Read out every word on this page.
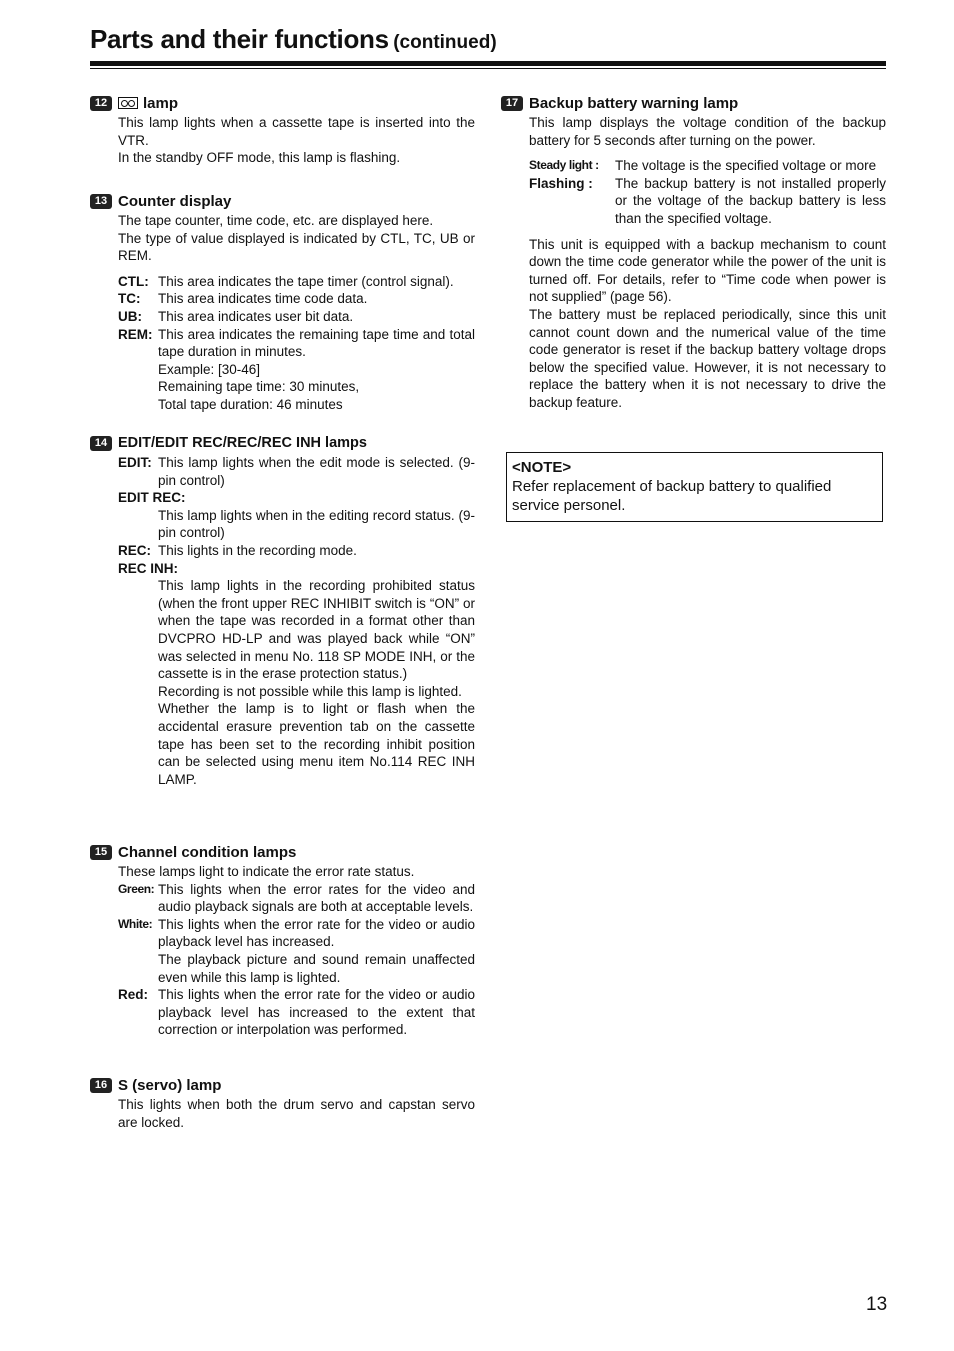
Parts and their functions (continued)
12	lamp
This lamp lights when a cassette tape is inserted into the VTR.
In the standby OFF mode, this lamp is flashing.
13 Counter display
The tape counter, time code, etc. are displayed here.
The type of value displayed is indicated by CTL, TC, UB or REM.
CTL: This area indicates the tape timer (control signal).
TC:	This area indicates time code data.
UB:	This area indicates user bit data.
REM: This area indicates the remaining tape time and total tape duration in minutes.
Example: [30-46]
Remaining tape time: 30 minutes,
Total tape duration: 46 minutes
14 EDIT/EDIT REC/REC/REC INH lamps
EDIT: This lamp lights when the edit mode is selected. (9-pin control)
EDIT REC:
This lamp lights when in the editing record status. (9-pin control)
REC: This lights in the recording mode.
REC INH:
This lamp lights in the recording prohibited status (when the front upper REC INHIBIT switch is “ON” or when the tape was recorded in a format other than DVCPRO HD-LP and was played back while “ON” was selected in menu No. 118 SP MODE INH, or the cassette is in the erase protection status.)
Recording is not possible while this lamp is lighted.
Whether the lamp is to light or flash when the accidental erasure prevention tab on the cassette tape has been set to the recording inhibit position can be selected using menu item No.114 REC INH LAMP.
15 Channel condition lamps
These lamps light to indicate the error rate status.
Green: This lights when the error rates for the video and audio playback signals are both at acceptable levels.
White: This lights when the error rate for the video or audio playback level has increased.
The playback picture and sound remain unaffected even while this lamp is lighted.
Red: This lights when the error rate for the video or audio playback level has increased to the extent that correction or interpolation was performed.
16 S (servo) lamp
This lights when both the drum servo and capstan servo are locked.
17 Backup battery warning lamp
This lamp displays the voltage condition of the backup battery for 5 seconds after turning on the power.
Steady light :	The voltage is the specified voltage or more
Flashing :	The backup battery is not installed properly or the voltage of the backup battery is less than the specified voltage.
This unit is equipped with a backup mechanism to count down the time code generator while the power of the unit is turned off. For details, refer to “Time code when power is not supplied” (page 56).
The battery must be replaced periodically, since this unit cannot count down and the numerical value of the time code generator is reset if the backup battery voltage drops below the specified value. However, it is not necessary to replace the battery when it is not necessary to drive the backup feature.
<NOTE>
Refer replacement of backup battery to qualified service personel.
13
